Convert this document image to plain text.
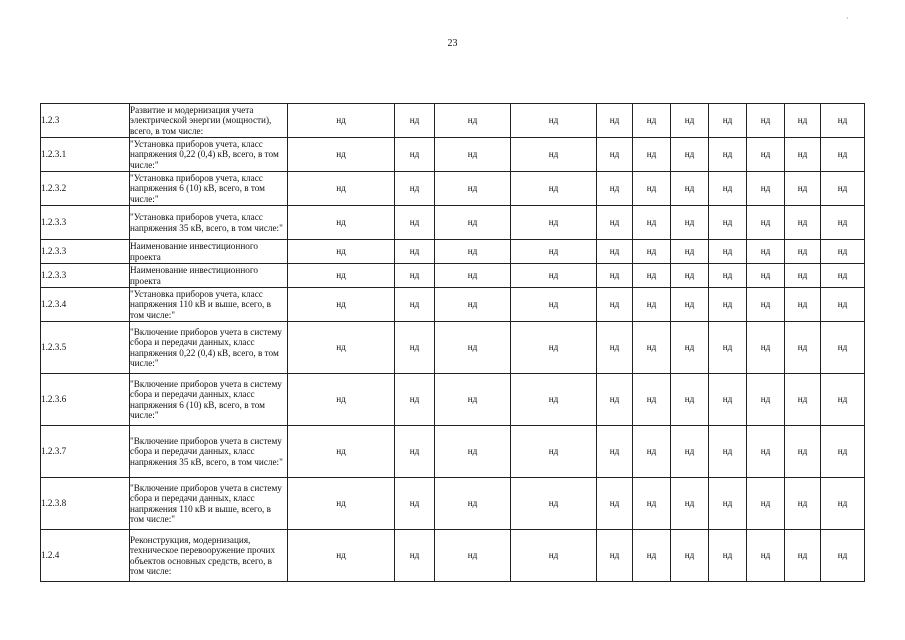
23
·
1.2.3	Развитие и модернизация учета электрической энергии (мощности), всего, в том числе:	нд	нд	нд	нд	нд	нд	нд	нд	нд	нд	нд
1.2.3.1	"Установка приборов учета, класс напряжения 0,22 (0,4) кВ, всего, в том числе:"	нд	нд	нд	нд	нд	нд	нд	нд	нд	нд	нд
1.2.3.2	"Установка приборов учета, класс напряжения 6 (10) кВ, всего, в том числе:"	нд	нд	нд	нд	нд	нд	нд	нд	нд	нд	нд
1.2.3.3	"Установка приборов учета, класс напряжения 35 кВ, всего, в том числе:"	нд	нд	нд	нд	нд	нд	нд	нд	нд	нд	нд
1.2.3.3	Наименование инвестиционного проекта	нд	нд	нд	нд	нд	нд	нд	нд	нд	нд	нд
1.2.3.3	Наименование инвестиционного проекта	нд	нд	нд	нд	нд	нд	нд	нд	нд	нд	нд
1.2.3.4	"Установка приборов учета, класс напряжения 110 кВ и выше, всего, в том числе:"	нд	нд	нд	нд	нд	нд	нд	нд	нд	нд	нд
1.2.3.5	"Включение приборов учета в систему сбора и передачи данных, класс напряжения 0,22 (0,4) кВ, всего, в том числе:"	нд	нд	нд	нд	нд	нд	нд	нд	нд	нд	нд
1.2.3.6	"Включение приборов учета в систему сбора и передачи данных, класс напряжения 6 (10) кВ, всего, в том числе:"	нд	нд	нд	нд	нд	нд	нд	нд	нд	нд	нд
1.2.3.7	"Включение приборов учета в систему сбора и передачи данных, класс напряжения 35 кВ, всего, в том числе:"	нд	нд	нд	нд	нд	нд	нд	нд	нд	нд	нд
1.2.3.8	"Включение приборов учета в систему сбора и передачи данных, класс напряжения 110 кВ и выше, всего, в том числе:"	нд	нд	нд	нд	нд	нд	нд	нд	нд	нд	нд
1.2.4	Реконструкция, модернизация, техническое перевооружение прочих объектов основных средств, всего, в том числе:	нд	нд	нд	нд	нд	нд	нд	нд	нд	нд	нд
